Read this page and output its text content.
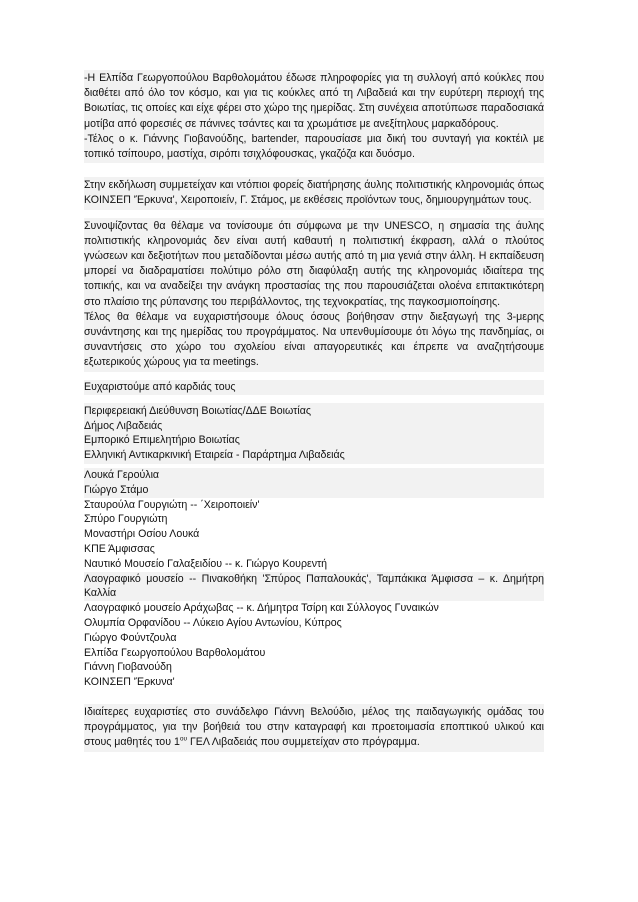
-Η Ελπίδα Γεωργοπούλου Βαρθολομάτου έδωσε πληροφορίες για τη συλλογή από κούκλες που διαθέτει από όλο τον κόσμο, και για τις κούκλες από τη Λιβαδειά και την ευρύτερη περιοχή της Βοιωτίας, τις οποίες και είχε φέρει στο χώρο της ημερίδας. Στη συνέχεια αποτύπωσε παραδοσιακά μοτίβα από φορεσιές σε πάνινες τσάντες και τα χρωμάτισε με ανεξίτηλους μαρκαδόρους.

-Τέλος ο κ. Γιάννης Γιοβανούδης, bartender, παρουσίασε μια δική του συνταγή για κοκτέιλ με τοπικό τσίπουρο, μαστίχα, σιρόπι τσιχλόφουσκας, γκαζόζα και δυόσμο.

Στην εκδήλωση συμμετείχαν και ντόπιοι φορείς διατήρησης άυλης πολιτιστικής κληρονομιάς όπως ΚΟΙΝΣΕΠ 'Έρκυνα', Χειροποιείν, Γ. Στάμος, με εκθέσεις προϊόντων τους, δημιουργημάτων τους.

Συνοψίζοντας θα θέλαμε να τονίσουμε ότι σύμφωνα με την UNESCO, η σημασία της άυλης πολιτιστικής κληρονομιάς δεν είναι αυτή καθαυτή η πολιτιστική έκφραση, αλλά ο πλούτος γνώσεων και δεξιοτήτων που μεταδίδονται μέσω αυτής από τη μια γενιά στην άλλη. Η εκπαίδευση μπορεί να διαδραματίσει πολύτιμο ρόλο στη διαφύλαξη αυτής της κληρονομιάς ιδιαίτερα της τοπικής, και να αναδείξει την ανάγκη προστασίας της που παρουσιάζεται ολοένα επιτακτικότερη στο πλαίσιο της ρύπανσης του περιβάλλοντος, της τεχνοκρατίας, της παγκοσμιοποίησης.

Τέλος θα θέλαμε να ευχαριστήσουμε όλους όσους βοήθησαν στην διεξαγωγή της 3-μερης συνάντησης και της ημερίδας του προγράμματος. Να υπενθυμίσουμε ότι λόγω της πανδημίας, οι συναντήσεις στο χώρο του σχολείου είναι απαγορευτικές και έπρεπε να αναζητήσουμε εξωτερικούς χώρους για τα meetings.

Ευχαριστούμε από καρδιάς τους

Περιφερειακή Διεύθυνση Βοιωτίας/ΔΔΕ Βοιωτίας
Δήμος Λιβαδειάς
Εμπορικό Επιμελητήριο Βοιωτίας
Ελληνική Αντικαρκινική Εταιρεία - Παράρτημα Λιβαδειάς
Λουκά Γερούλια
Γιώργο Στάμο
Σταυρούλα Γουργιώτη -- ΄Χειροποιείν'
Σπύρο Γουργιώτη
Μοναστήρι Οσίου Λουκά
ΚΠΕ Άμφισσας
Ναυτικό Μουσείο Γαλαξειδίου -- κ. Γιώργο Κουρεντή
Λαογραφικό μουσείο -- Πινακοθήκη 'Σπύρος Παπαλουκάς', Ταμπάκικα Άμφισσα – κ. Δημήτρη Καλλία
Λαογραφικό μουσείο Αράχωβας -- κ. Δήμητρα Τσίρη και Σύλλογος Γυναικών
Ολυμπία Ορφανίδου -- Λύκειο Αγίου Αντωνίου, Κύπρος
Γιώργο Φούντζουλα
Ελπίδα Γεωργοπούλου Βαρθολομάτου
Γιάννη Γιοβανούδη
ΚΟΙΝΣΕΠ 'Έρκυνα'

Ιδιαίτερες ευχαριστίες στο συνάδελφο Γιάννη Βελούδιο, μέλος της παιδαγωγικής ομάδας του προγράμματος, για την βοήθειά του στην καταγραφή και προετοιμασία εποπτικού υλικού και στους μαθητές του $1^{o\upsilon}$ ΓΕΛ Λιβαδειάς που συμμετείχαν στο πρόγραμμα.
